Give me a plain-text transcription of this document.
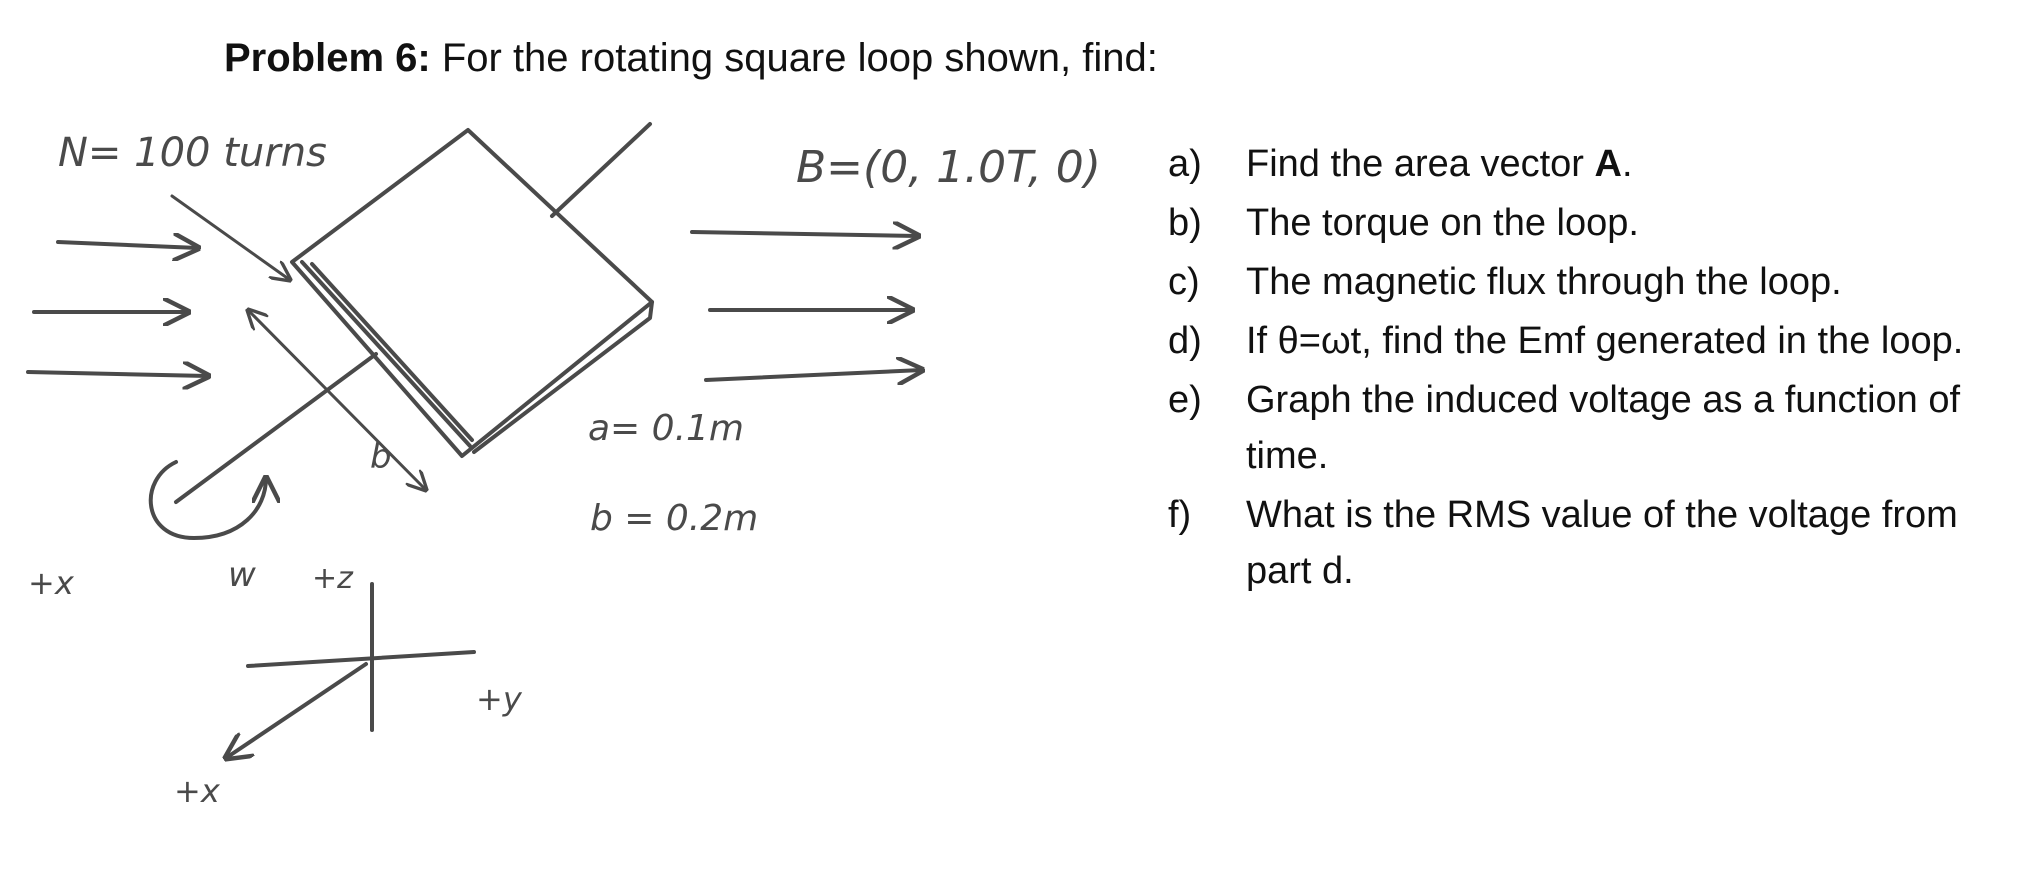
Problem 6: For the rotating square loop shown, find:
N= 100 turns	B=(0, 1.0T, 0)
a= 0.1m
b = 0.2m
b
w
+x	+z
+y
+x
a)	Find the area vector A.
b)	The torque on the loop.
c)	The magnetic flux through the loop.
d)	If θ=ωt, find the Emf generated in the loop.
e)	Graph the induced voltage as a function of time.
f)	What is the RMS value of the voltage from part d.
